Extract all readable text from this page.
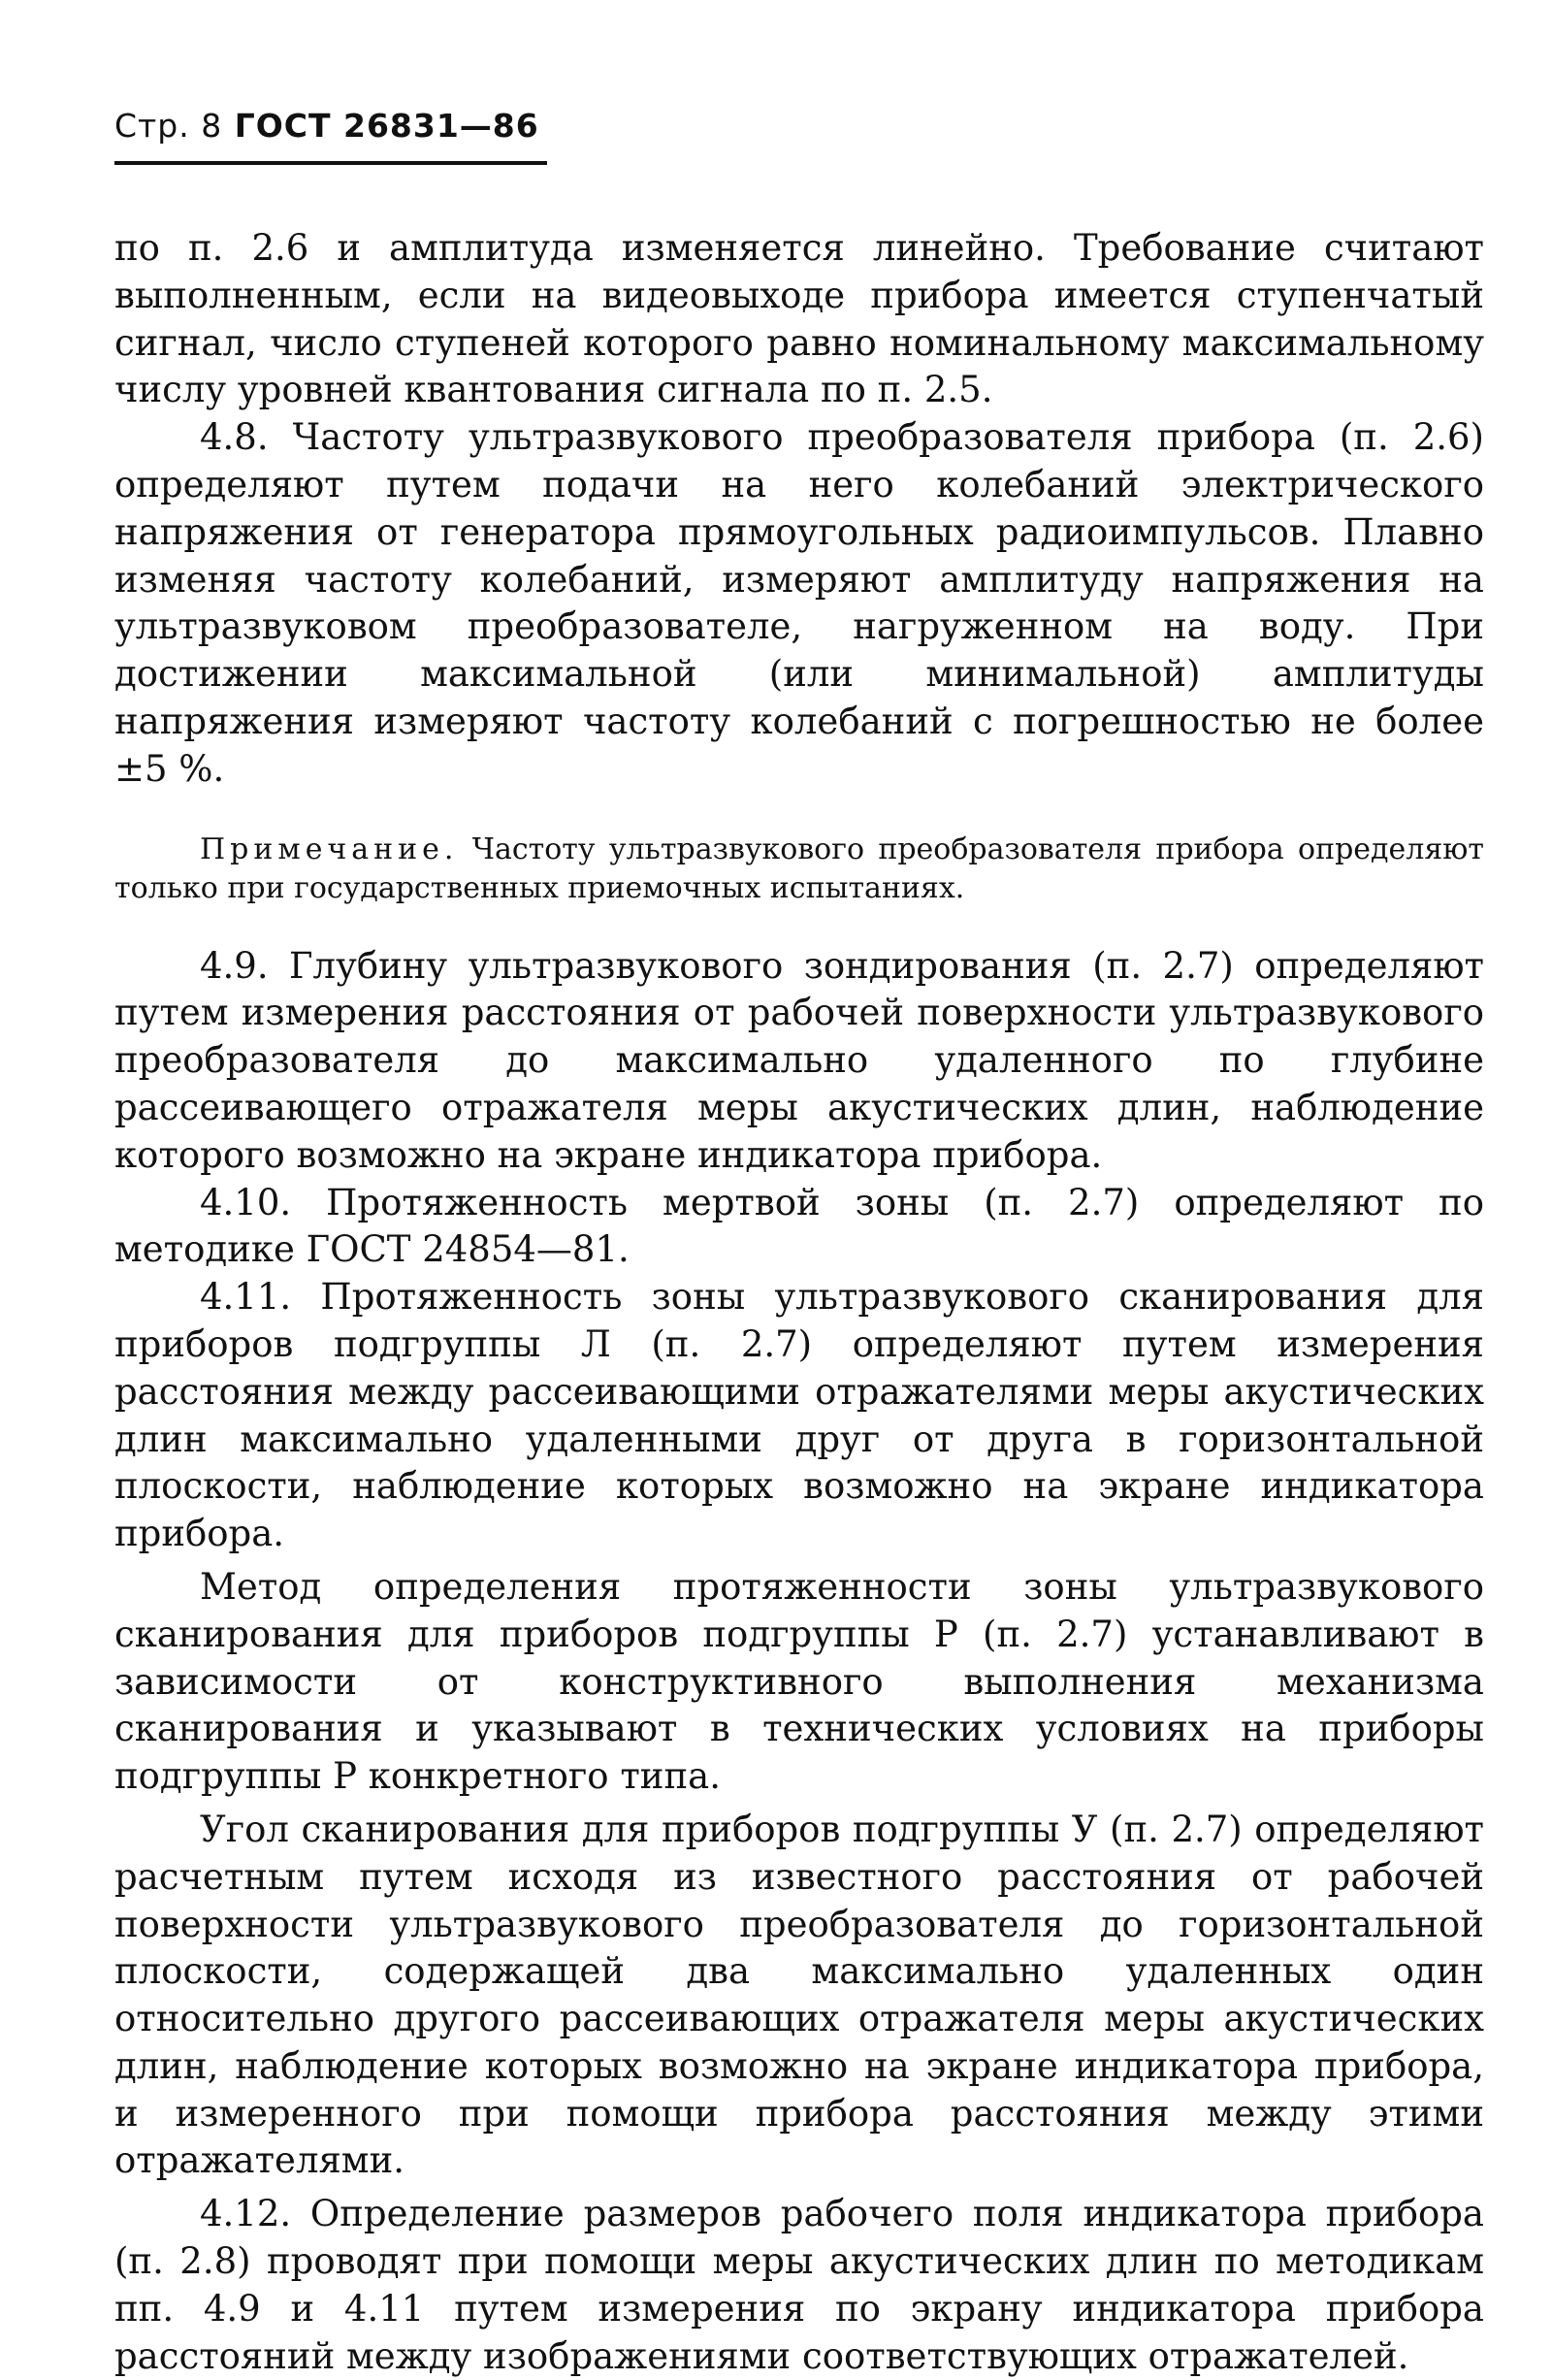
Стр. 8 ГОСТ 26831—86

по п. 2.6 и амплитуда изменяется линейно. Требование считают выполненным, если на видеовыходе прибора имеется ступенчатый сигнал, число ступеней которого равно номинальному максимальному числу уровней квантования сигнала по п. 2.5.

4.8. Частоту ультразвукового преобразователя прибора (п. 2.6) определяют путем подачи на него колебаний электрического напряжения от генератора прямоугольных радиоимпульсов. Плавно изменяя частоту колебаний, измеряют амплитуду напряжения на ультразвуковом преобразователе, нагруженном на воду. При достижении максимальной (или минимальной) амплитуды напряжения измеряют частоту колебаний с погрешностью не более ±5 %.

Примечание. Частоту ультразвукового преобразователя прибора определяют только при государственных приемочных испытаниях.

4.9. Глубину ультразвукового зондирования (п. 2.7) определяют путем измерения расстояния от рабочей поверхности ультразвукового преобразователя до максимально удаленного по глубине рассеивающего отражателя меры акустических длин, наблюдение которого возможно на экране индикатора прибора.

4.10. Протяженность мертвой зоны (п. 2.7) определяют по методике ГОСТ 24854—81.

4.11. Протяженность зоны ультразвукового сканирования для приборов подгруппы Л (п. 2.7) определяют путем измерения расстояния между рассеивающими отражателями меры акустических длин максимально удаленными друг от друга в горизонтальной плоскости, наблюдение которых возможно на экране индикатора прибора.

Метод определения протяженности зоны ультразвукового сканирования для приборов подгруппы Р (п. 2.7) устанавливают в зависимости от конструктивного выполнения механизма сканирования и указывают в технических условиях на приборы подгруппы Р конкретного типа.

Угол сканирования для приборов подгруппы У (п. 2.7) определяют расчетным путем исходя из известного расстояния от рабочей поверхности ультразвукового преобразователя до горизонтальной плоскости, содержащей два максимально удаленных один относительно другого рассеивающих отражателя меры акустических длин, наблюдение которых возможно на экране индикатора прибора, и измеренного при помощи прибора расстояния между этими отражателями.

4.12. Определение размеров рабочего поля индикатора прибора (п. 2.8) проводят при помощи меры акустических длин по методикам пп. 4.9 и 4.11 путем измерения по экрану индикатора прибора расстояний между изображениями соответствующих отражателей.
